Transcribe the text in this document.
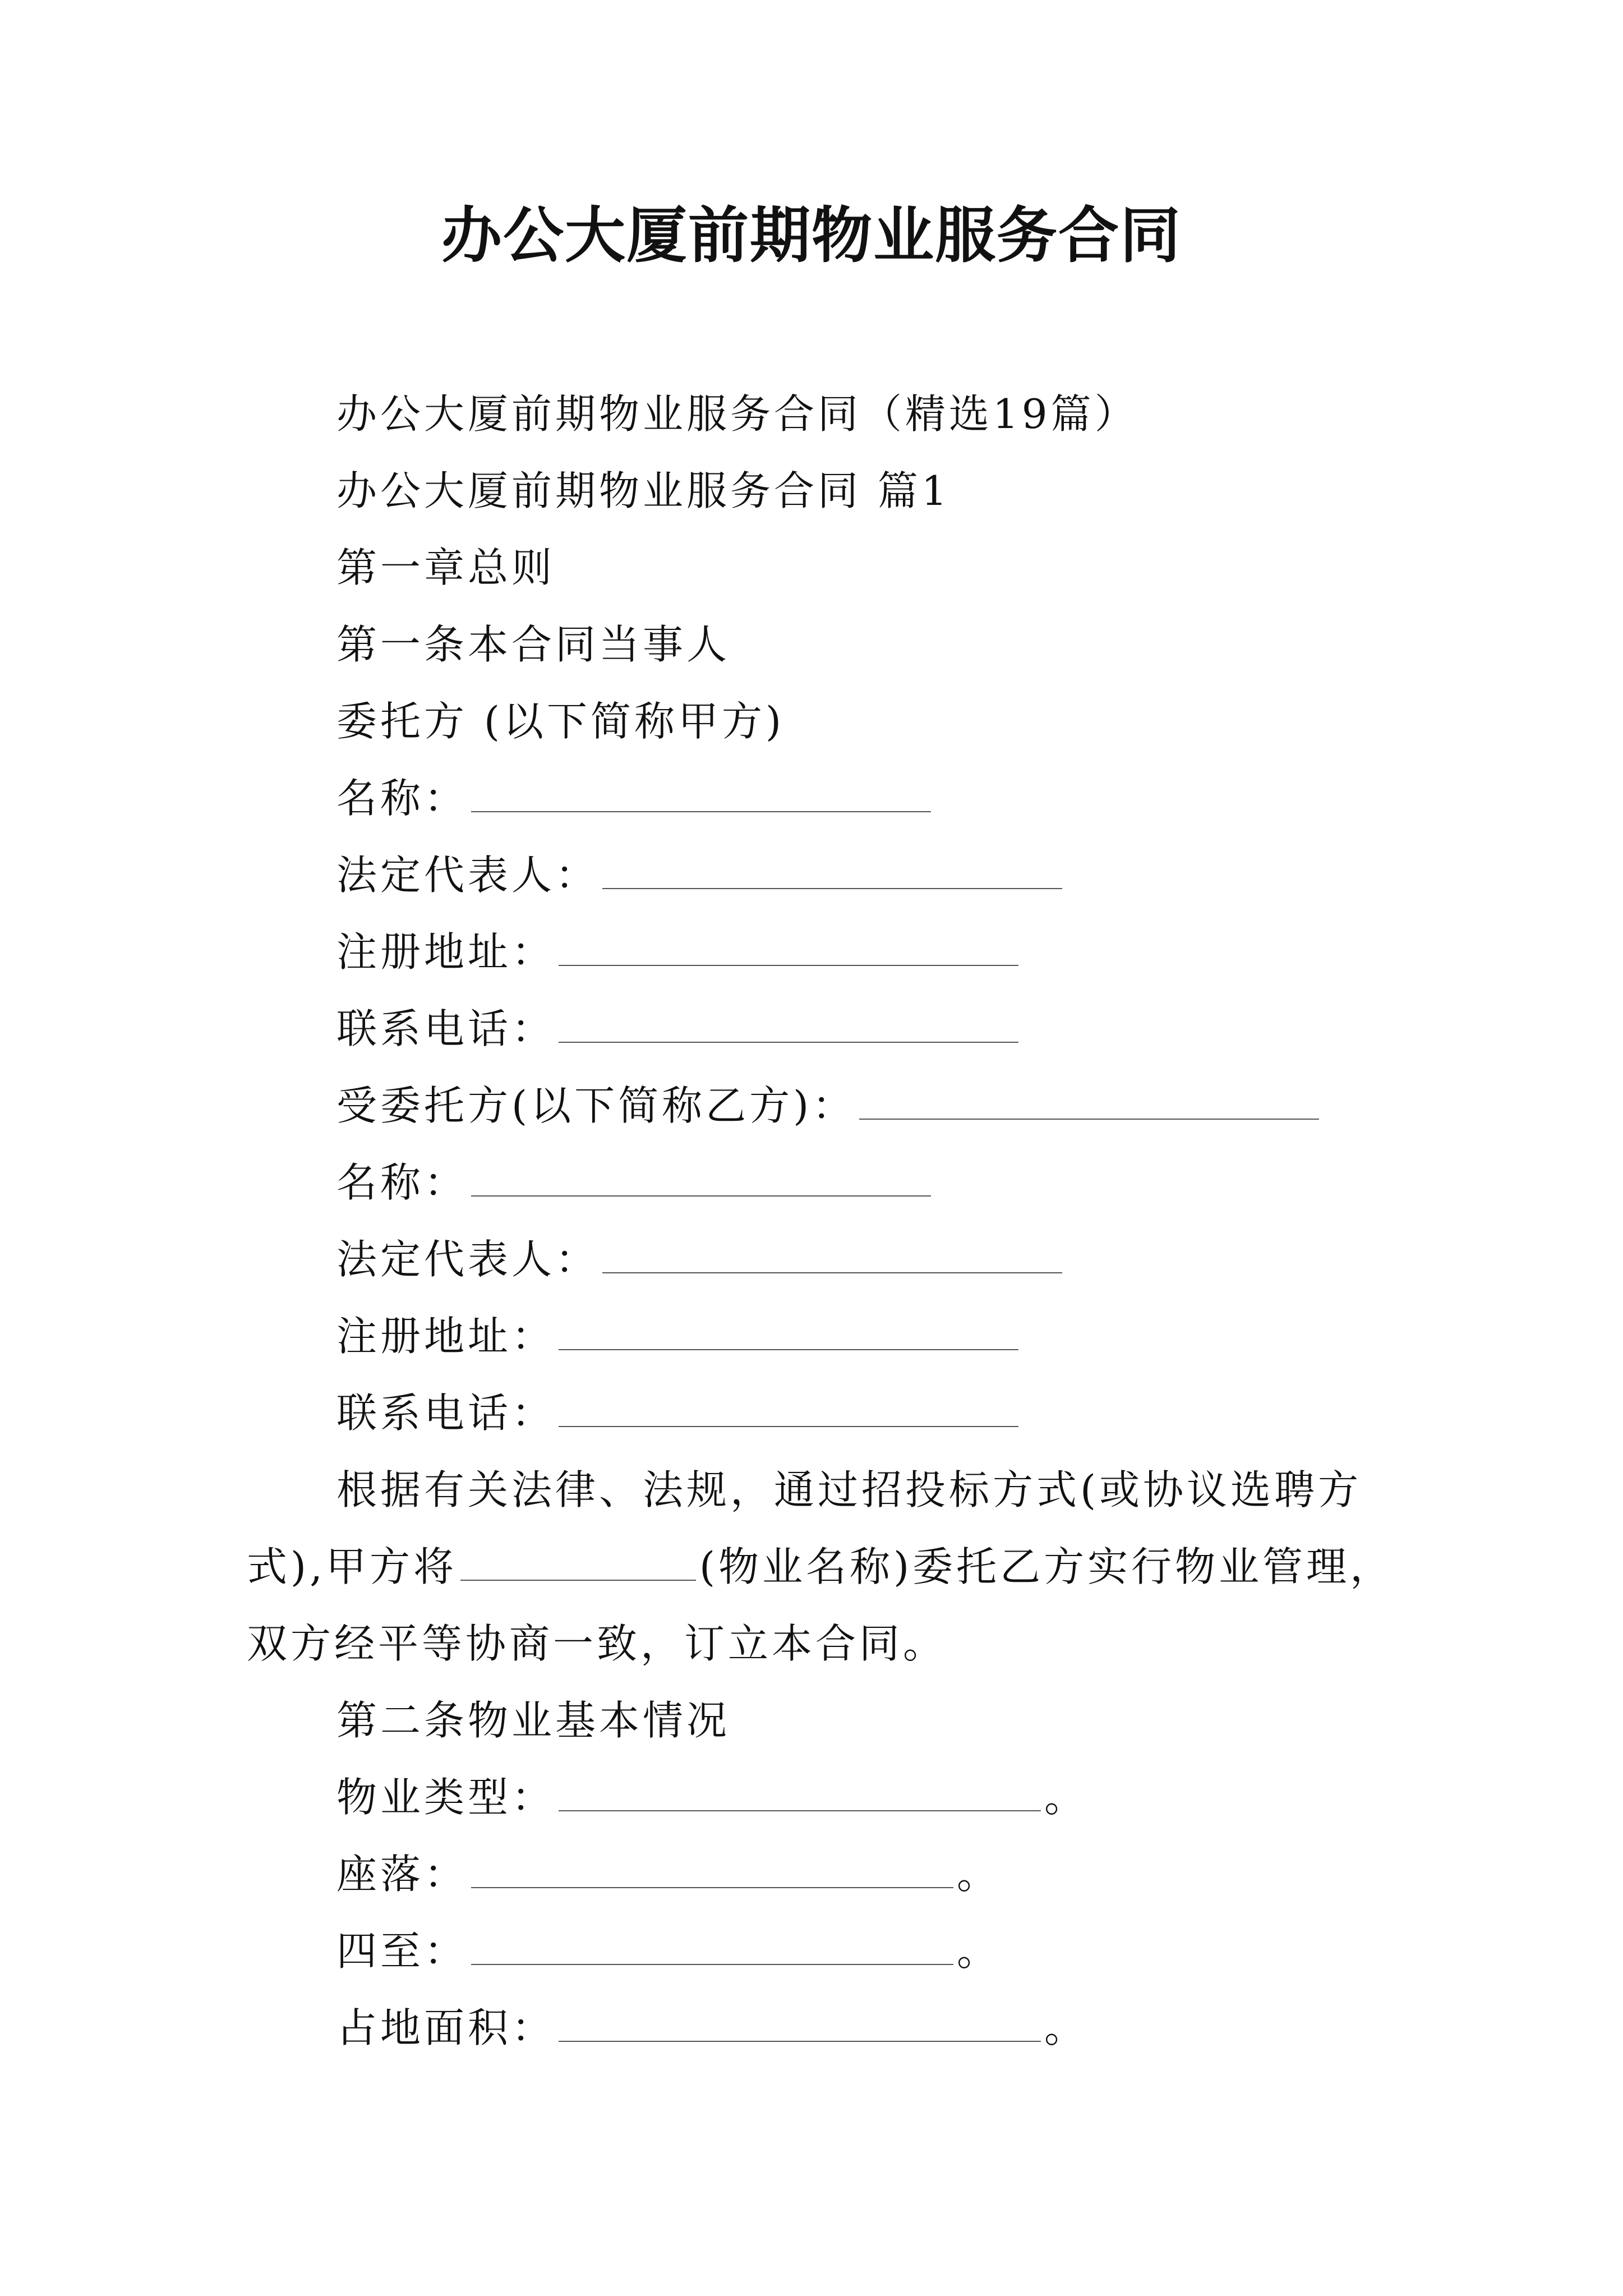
办公大厦前期物业服务合同
办公大厦前期物业服务合同（精选19篇）
办公大厦前期物业服务合同 篇1
第一章总则
第一条本合同当事人
委托方 (以下简称甲方)
名称：
法定代表人：
注册地址：
联系电话：
受委托方(以下简称乙方)：
名称：
法定代表人：
注册地址：
联系电话：
根据有关法律、法规，通过招投标方式(或协议选聘方
式),甲方将	(物业名称)委托乙方实行物业管理，
双方经平等协商一致，订立本合同。
第二条物业基本情况
物业类型：	。
座落：	。
四至：	。
占地面积：	。
